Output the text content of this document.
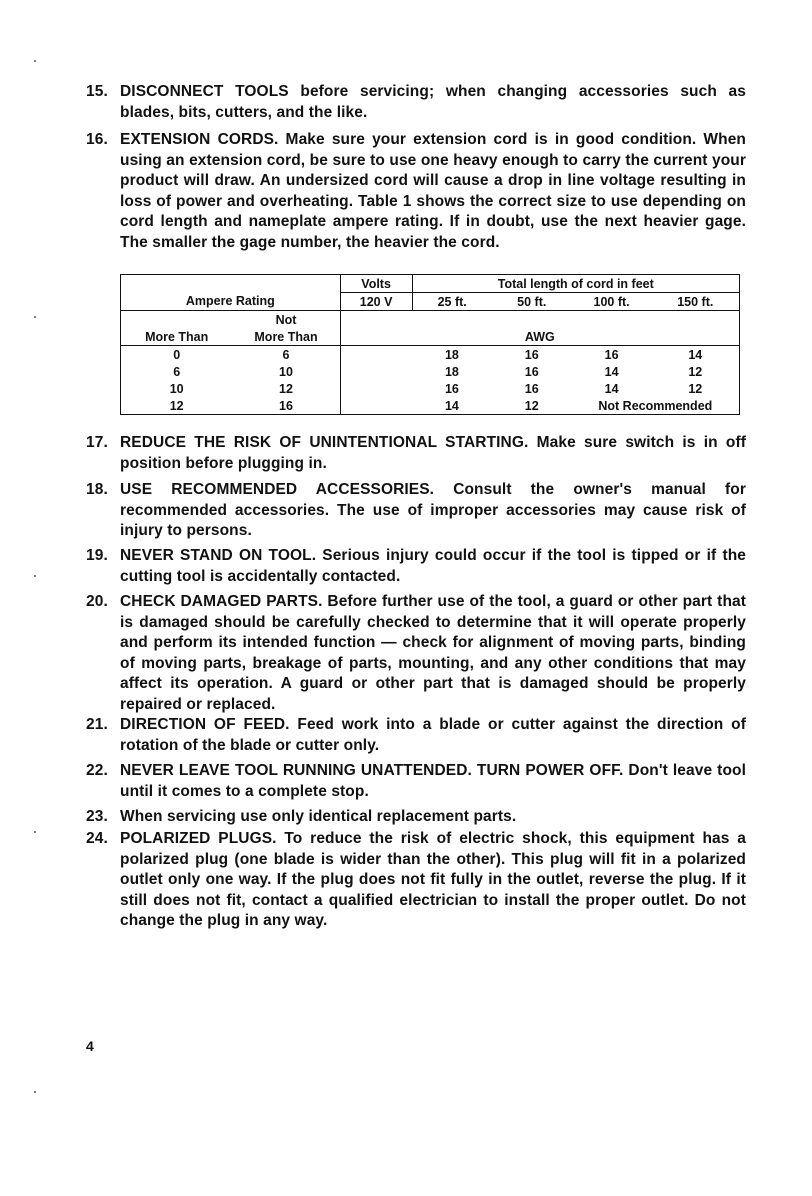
15. DISCONNECT TOOLS before servicing; when changing accessories such as blades, bits, cutters, and the like.
16. EXTENSION CORDS. Make sure your extension cord is in good condition. When using an extension cord, be sure to use one heavy enough to carry the current your product will draw. An undersized cord will cause a drop in line voltage resulting in loss of power and overheating. Table 1 shows the correct size to use depending on cord length and nameplate ampere rating. If in doubt, use the next heavier gage. The smaller the gage number, the heavier the cord.
		Volts	Total length of cord in feet			
Ampere Rating		120 V	25 ft.	50 ft.	100 ft.	150 ft.
	Not					
More Than	More Than	AWG				
0	6		18	16	16	14
6	10		18	16	14	12
10	12		16	16	14	12
12	16		14	12	Not Recommended	
17. REDUCE THE RISK OF UNINTENTIONAL STARTING. Make sure switch is in off position before plugging in.
18. USE RECOMMENDED ACCESSORIES. Consult the owner's manual for recommended accessories. The use of improper accessories may cause risk of injury to persons.
19. NEVER STAND ON TOOL. Serious injury could occur if the tool is tipped or if the cutting tool is accidentally contacted.
20. CHECK DAMAGED PARTS. Before further use of the tool, a guard or other part that is damaged should be carefully checked to determine that it will operate properly and perform its intended function — check for alignment of moving parts, binding of moving parts, breakage of parts, mounting, and any other conditions that may affect its operation. A guard or other part that is damaged should be properly repaired or replaced.
21. DIRECTION OF FEED. Feed work into a blade or cutter against the direction of rotation of the blade or cutter only.
22. NEVER LEAVE TOOL RUNNING UNATTENDED. TURN POWER OFF. Don't leave tool until it comes to a complete stop.
23. When servicing use only identical replacement parts.
24. POLARIZED PLUGS. To reduce the risk of electric shock, this equipment has a polarized plug (one blade is wider than the other). This plug will fit in a polarized outlet only one way. If the plug does not fit fully in the outlet, reverse the plug. If it still does not fit, contact a qualified electrician to install the proper outlet. Do not change the plug in any way.
4
